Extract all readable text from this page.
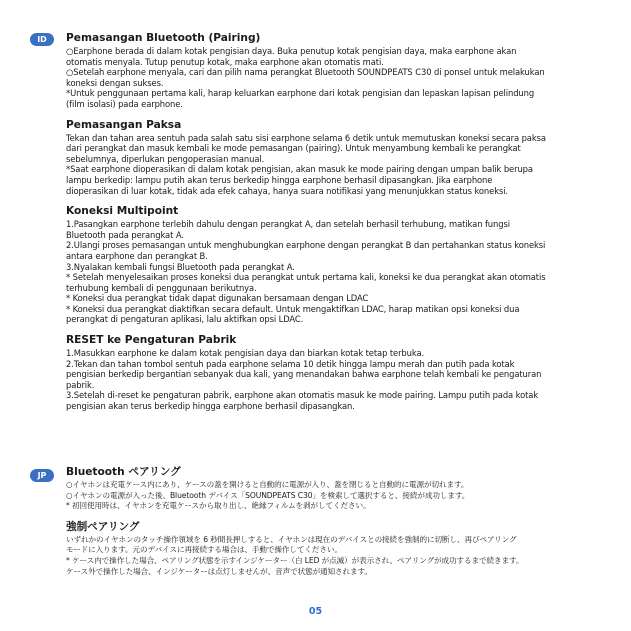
ID	Pemasangan Bluetooth (Pairing)

○Earphone berada di dalam kotak pengisian daya. Buka penutup kotak pengisian daya, maka earphone akan

otomatis menyala. Tutup penutup kotak, maka earphone akan otomatis mati.

○Setelah earphone menyala, cari dan pilih nama perangkat Bluetooth SOUNDPEATS C30 di ponsel untuk melakukan

koneksi dengan sukses.

*Untuk penggunaan pertama kali, harap keluarkan earphone dari kotak pengisian dan lepaskan lapisan pelindung

(film isolasi) pada earphone.

Pemasangan Paksa

Tekan dan tahan area sentuh pada salah satu sisi earphone selama 6 detik untuk memutuskan koneksi secara paksa

dari perangkat dan masuk kembali ke mode pemasangan (pairing). Untuk menyambung kembali ke perangkat

sebelumnya, diperlukan pengoperasian manual.

*Saat earphone dioperasikan di dalam kotak pengisian, akan masuk ke mode pairing dengan umpan balik berupa

lampu berkedip: lampu putih akan terus berkedip hingga earphone berhasil dipasangkan. Jika earphone

dioperasikan di luar kotak, tidak ada efek cahaya, hanya suara notifikasi yang menunjukkan status koneksi.

Koneksi Multipoint

1.Pasangkan earphone terlebih dahulu dengan perangkat A, dan setelah berhasil terhubung, matikan fungsi

Bluetooth pada perangkat A.

2.Ulangi proses pemasangan untuk menghubungkan earphone dengan perangkat B dan pertahankan status koneksi

antara earphone dan perangkat B.

3.Nyalakan kembali fungsi Bluetooth pada perangkat A.

* Setelah menyelesaikan proses koneksi dua perangkat untuk pertama kali, koneksi ke dua perangkat akan otomatis

terhubung kembali di penggunaan berikutnya.

* Koneksi dua perangkat tidak dapat digunakan bersamaan dengan LDAC

* Koneksi dua perangkat diaktifkan secara default. Untuk mengaktifkan LDAC, harap matikan opsi koneksi dua

perangkat di pengaturan aplikasi, lalu aktifkan opsi LDAC.

RESET ke Pengaturan Pabrik

1.Masukkan earphone ke dalam kotak pengisian daya dan biarkan kotak tetap terbuka.

2.Tekan dan tahan tombol sentuh pada earphone selama 10 detik hingga lampu merah dan putih pada kotak

pengisian berkedip bergantian sebanyak dua kali, yang menandakan bahwa earphone telah kembali ke pengaturan

pabrik.

3.Setelah di-reset ke pengaturan pabrik, earphone akan otomatis masuk ke mode pairing. Lampu putih pada kotak

pengisian akan terus berkedip hingga earphone berhasil dipasangkan.

JP	Bluetooth ペアリング

○イヤホンは充電ケース内にあり、ケースの蓋を開けると自動的に電源が入り、蓋を閉じると自動的に電源が切れます。

○イヤホンの電源が入った後、Bluetooth デバイス「SOUNDPEATS C30」を検索して選択すると、接続が成功します。

* 初回使用時は、イヤホンを充電ケースから取り出し、絶縁フィルムを剥がしてください。

強制ペアリング

いずれかのイヤホンのタッチ操作領域を 6 秒間長押しすると、イヤホンは現在のデバイスとの接続を強制的に切断し、再びペアリング

モードに入ります。元のデバイスに再接続する場合は、手動で操作してください。

* ケース内で操作した場合、ペアリング状態を示すインジケーター（白 LED が点滅）が表示され、ペアリングが成功するまで続きます。

ケース外で操作した場合、インジケーターは点灯しませんが、音声で状態が通知されます。

05
